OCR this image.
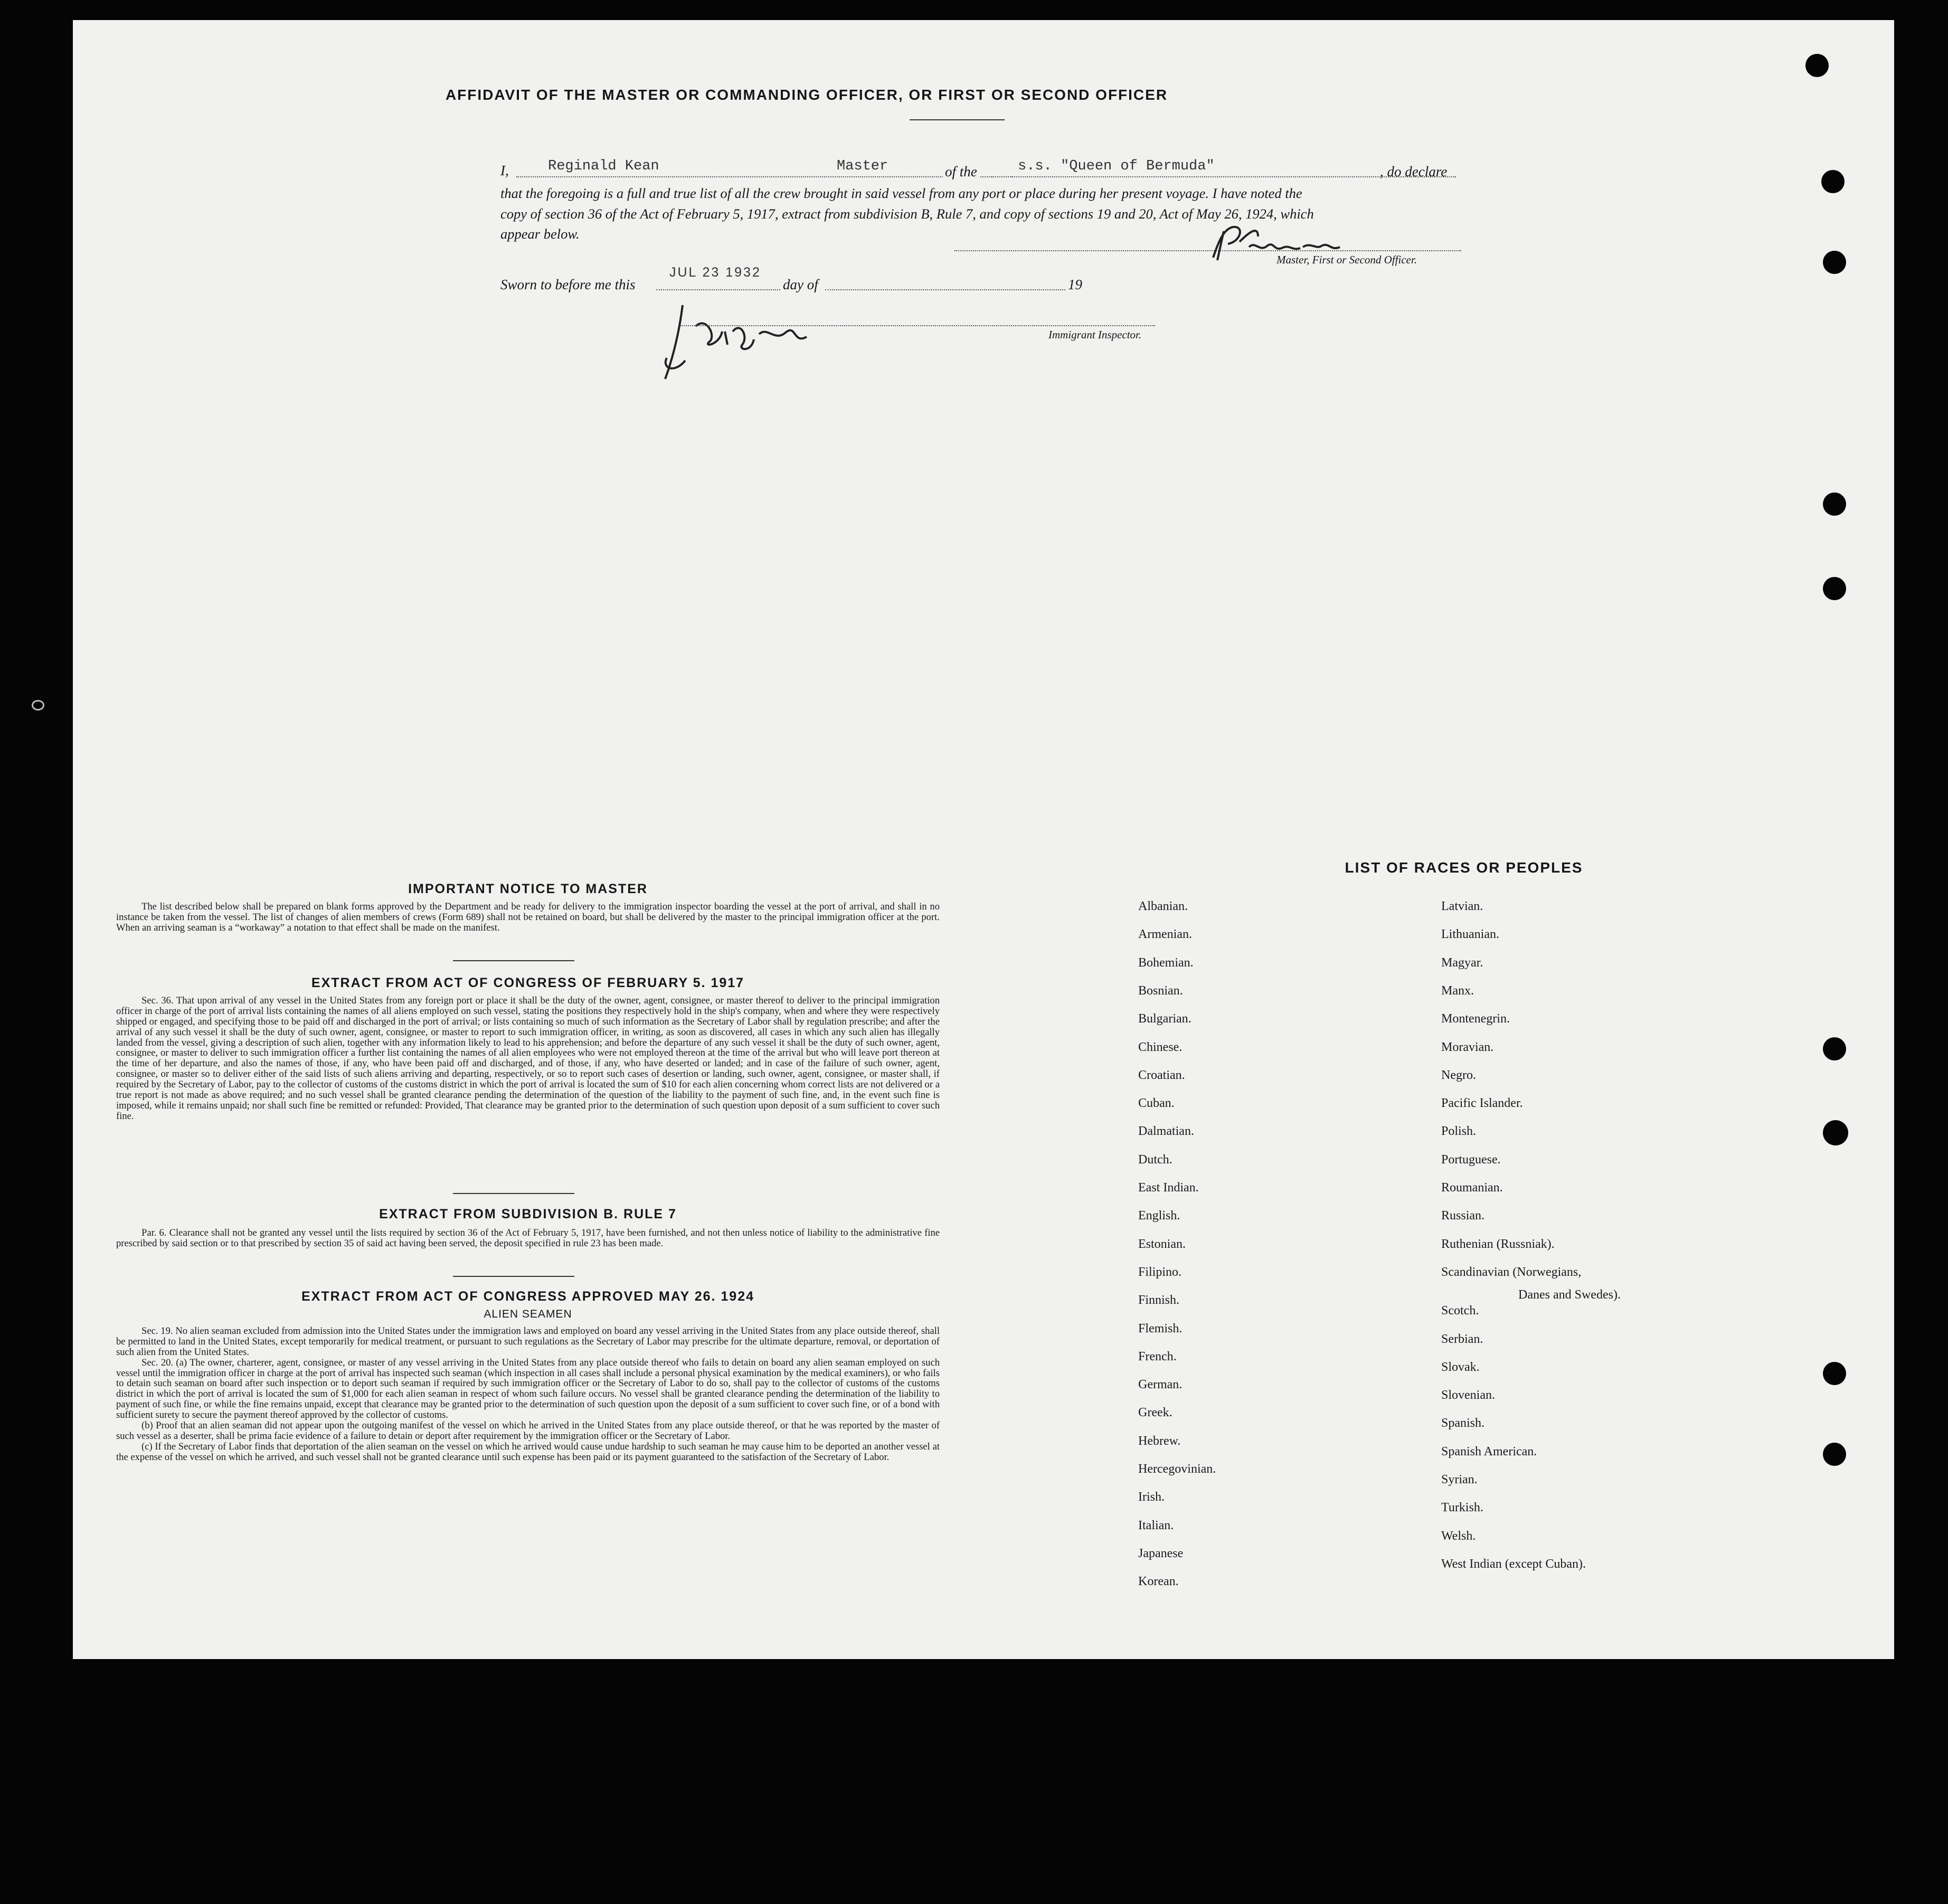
AFFIDAVIT OF THE MASTER OR COMMANDING OFFICER, OR FIRST OR SECOND OFFICER
I,	Reginald Kean	Master	of the	s.s. "Queen of Bermuda"	, do declare
that the foregoing is a full and true list of all the crew brought in said vessel from any port or place during her present voyage. I have noted the
copy of section 36 of the Act of February 5, 1917, extract from subdivision B, Rule 7, and copy of sections 19 and 20, Act of May 26, 1924, which
appear below.
Master, First or Second Officer.
Sworn to before me this
JUL 23 1932
day of	19
Immigrant Inspector.
IMPORTANT NOTICE TO MASTER

The list described below shall be prepared on blank forms approved by the Department and be ready for delivery to the immigration inspector boarding the vessel at the port of arrival, and shall in no instance be taken from the vessel. The list of changes of alien members of crews (Form 689) shall not be retained on board, but shall be delivered by the master to the principal immigration officer at the port. When an arriving seaman is a “workaway” a notation to that effect shall be made on the manifest.

EXTRACT FROM ACT OF CONGRESS OF FEBRUARY 5. 1917

Sec. 36. That upon arrival of any vessel in the United States from any foreign port or place it shall be the duty of the owner, agent, consignee, or master thereof to deliver to the principal immigration officer in charge of the port of arrival lists containing the names of all aliens employed on such vessel, stating the positions they respectively hold in the ship's company, when and where they were respectively shipped or engaged, and specifying those to be paid off and discharged in the port of arrival; or lists containing so much of such information as the Secretary of Labor shall by regulation prescribe; and after the arrival of any such vessel it shall be the duty of such owner, agent, consignee, or master to report to such immigration officer, in writing, as soon as discovered, all cases in which any such alien has illegally landed from the vessel, giving a description of such alien, together with any information likely to lead to his apprehension; and before the departure of any such vessel it shall be the duty of such owner, agent, consignee, or master to deliver to such immigration officer a further list containing the names of all alien employees who were not employed thereon at the time of the arrival but who will leave port thereon at the time of her departure, and also the names of those, if any, who have been paid off and discharged, and of those, if any, who have deserted or landed; and in case of the failure of such owner, agent, consignee, or master so to deliver either of the said lists of such aliens arriving and departing, respectively, or so to report such cases of desertion or landing, such owner, agent, consignee, or master shall, if required by the Secretary of Labor, pay to the collector of customs of the customs district in which the port of arrival is located the sum of $10 for each alien concerning whom correct lists are not delivered or a true report is not made as above required; and no such vessel shall be granted clearance pending the determination of the question of the liability to the payment of such fine, and, in the event such fine is imposed, while it remains unpaid; nor shall such fine be remitted or refunded: Provided, That clearance may be granted prior to the determination of such question upon deposit of a sum sufficient to cover such fine.

EXTRACT FROM SUBDIVISION B. RULE 7

Par. 6. Clearance shall not be granted any vessel until the lists required by section 36 of the Act of February 5, 1917, have been furnished, and not then unless notice of liability to the administrative fine prescribed by said section or to that prescribed by section 35 of said act having been served, the deposit specified in rule 23 has been made.

EXTRACT FROM ACT OF CONGRESS APPROVED MAY 26. 1924
ALIEN SEAMEN

Sec. 19. No alien seaman excluded from admission into the United States under the immigration laws and employed on board any vessel arriving in the United States from any place outside thereof, shall be permitted to land in the United States, except temporarily for medical treatment, or pursuant to such regulations as the Secretary of Labor may prescribe for the ultimate departure, removal, or deportation of such alien from the United States.

Sec. 20. (a) The owner, charterer, agent, consignee, or master of any vessel arriving in the United States from any place outside thereof who fails to detain on board any alien seaman employed on such vessel until the immigration officer in charge at the port of arrival has inspected such seaman (which inspection in all cases shall include a personal physical examination by the medical examiners), or who fails to detain such seaman on board after such inspection or to deport such seaman if required by such immigration officer or the Secretary of Labor to do so, shall pay to the collector of customs of the customs district in which the port of arrival is located the sum of $1,000 for each alien seaman in respect of whom such failure occurs. No vessel shall be granted clearance pending the determination of the liability to payment of such fine, or while the fine remains unpaid, except that clearance may be granted prior to the determination of such question upon the deposit of a sum sufficient to cover such fine, or of a bond with sufficient surety to secure the payment thereof approved by the collector of customs.

(b) Proof that an alien seaman did not appear upon the outgoing manifest of the vessel on which he arrived in the United States from any place outside thereof, or that he was reported by the master of such vessel as a deserter, shall be prima facie evidence of a failure to detain or deport after requirement by the immigration officer or the Secretary of Labor.

(c) If the Secretary of Labor finds that deportation of the alien seaman on the vessel on which he arrived would cause undue hardship to such seaman he may cause him to be deported an another vessel at the expense of the vessel on which he arrived, and such vessel shall not be granted clearance until such expense has been paid or its payment guaranteed to the satisfaction of the Secretary of Labor.

LIST OF RACES OR PEOPLES
Danes and Swedes).
Albanian.
Armenian.
Bohemian.
Bosnian.
Bulgarian.
Chinese.
Croatian.
Cuban.
Dalmatian.
Dutch.
East Indian.
English.
Estonian.
Filipino.
Finnish.
Flemish.
French.
German.
Greek.
Hebrew.
Hercegovinian.
Irish.
Italian.
Japanese
Korean.
Latvian.
Lithuanian.
Magyar.
Manx.
Montenegrin.
Moravian.
Negro.
Pacific Islander.
Polish.
Portuguese.
Roumanian.
Russian.
Ruthenian (Russniak).
Scandinavian (Norwegians,
Scotch.
Serbian.
Slovak.
Slovenian.
Spanish.
Spanish American.
Syrian.
Turkish.
Welsh.
West Indian (except Cuban).
